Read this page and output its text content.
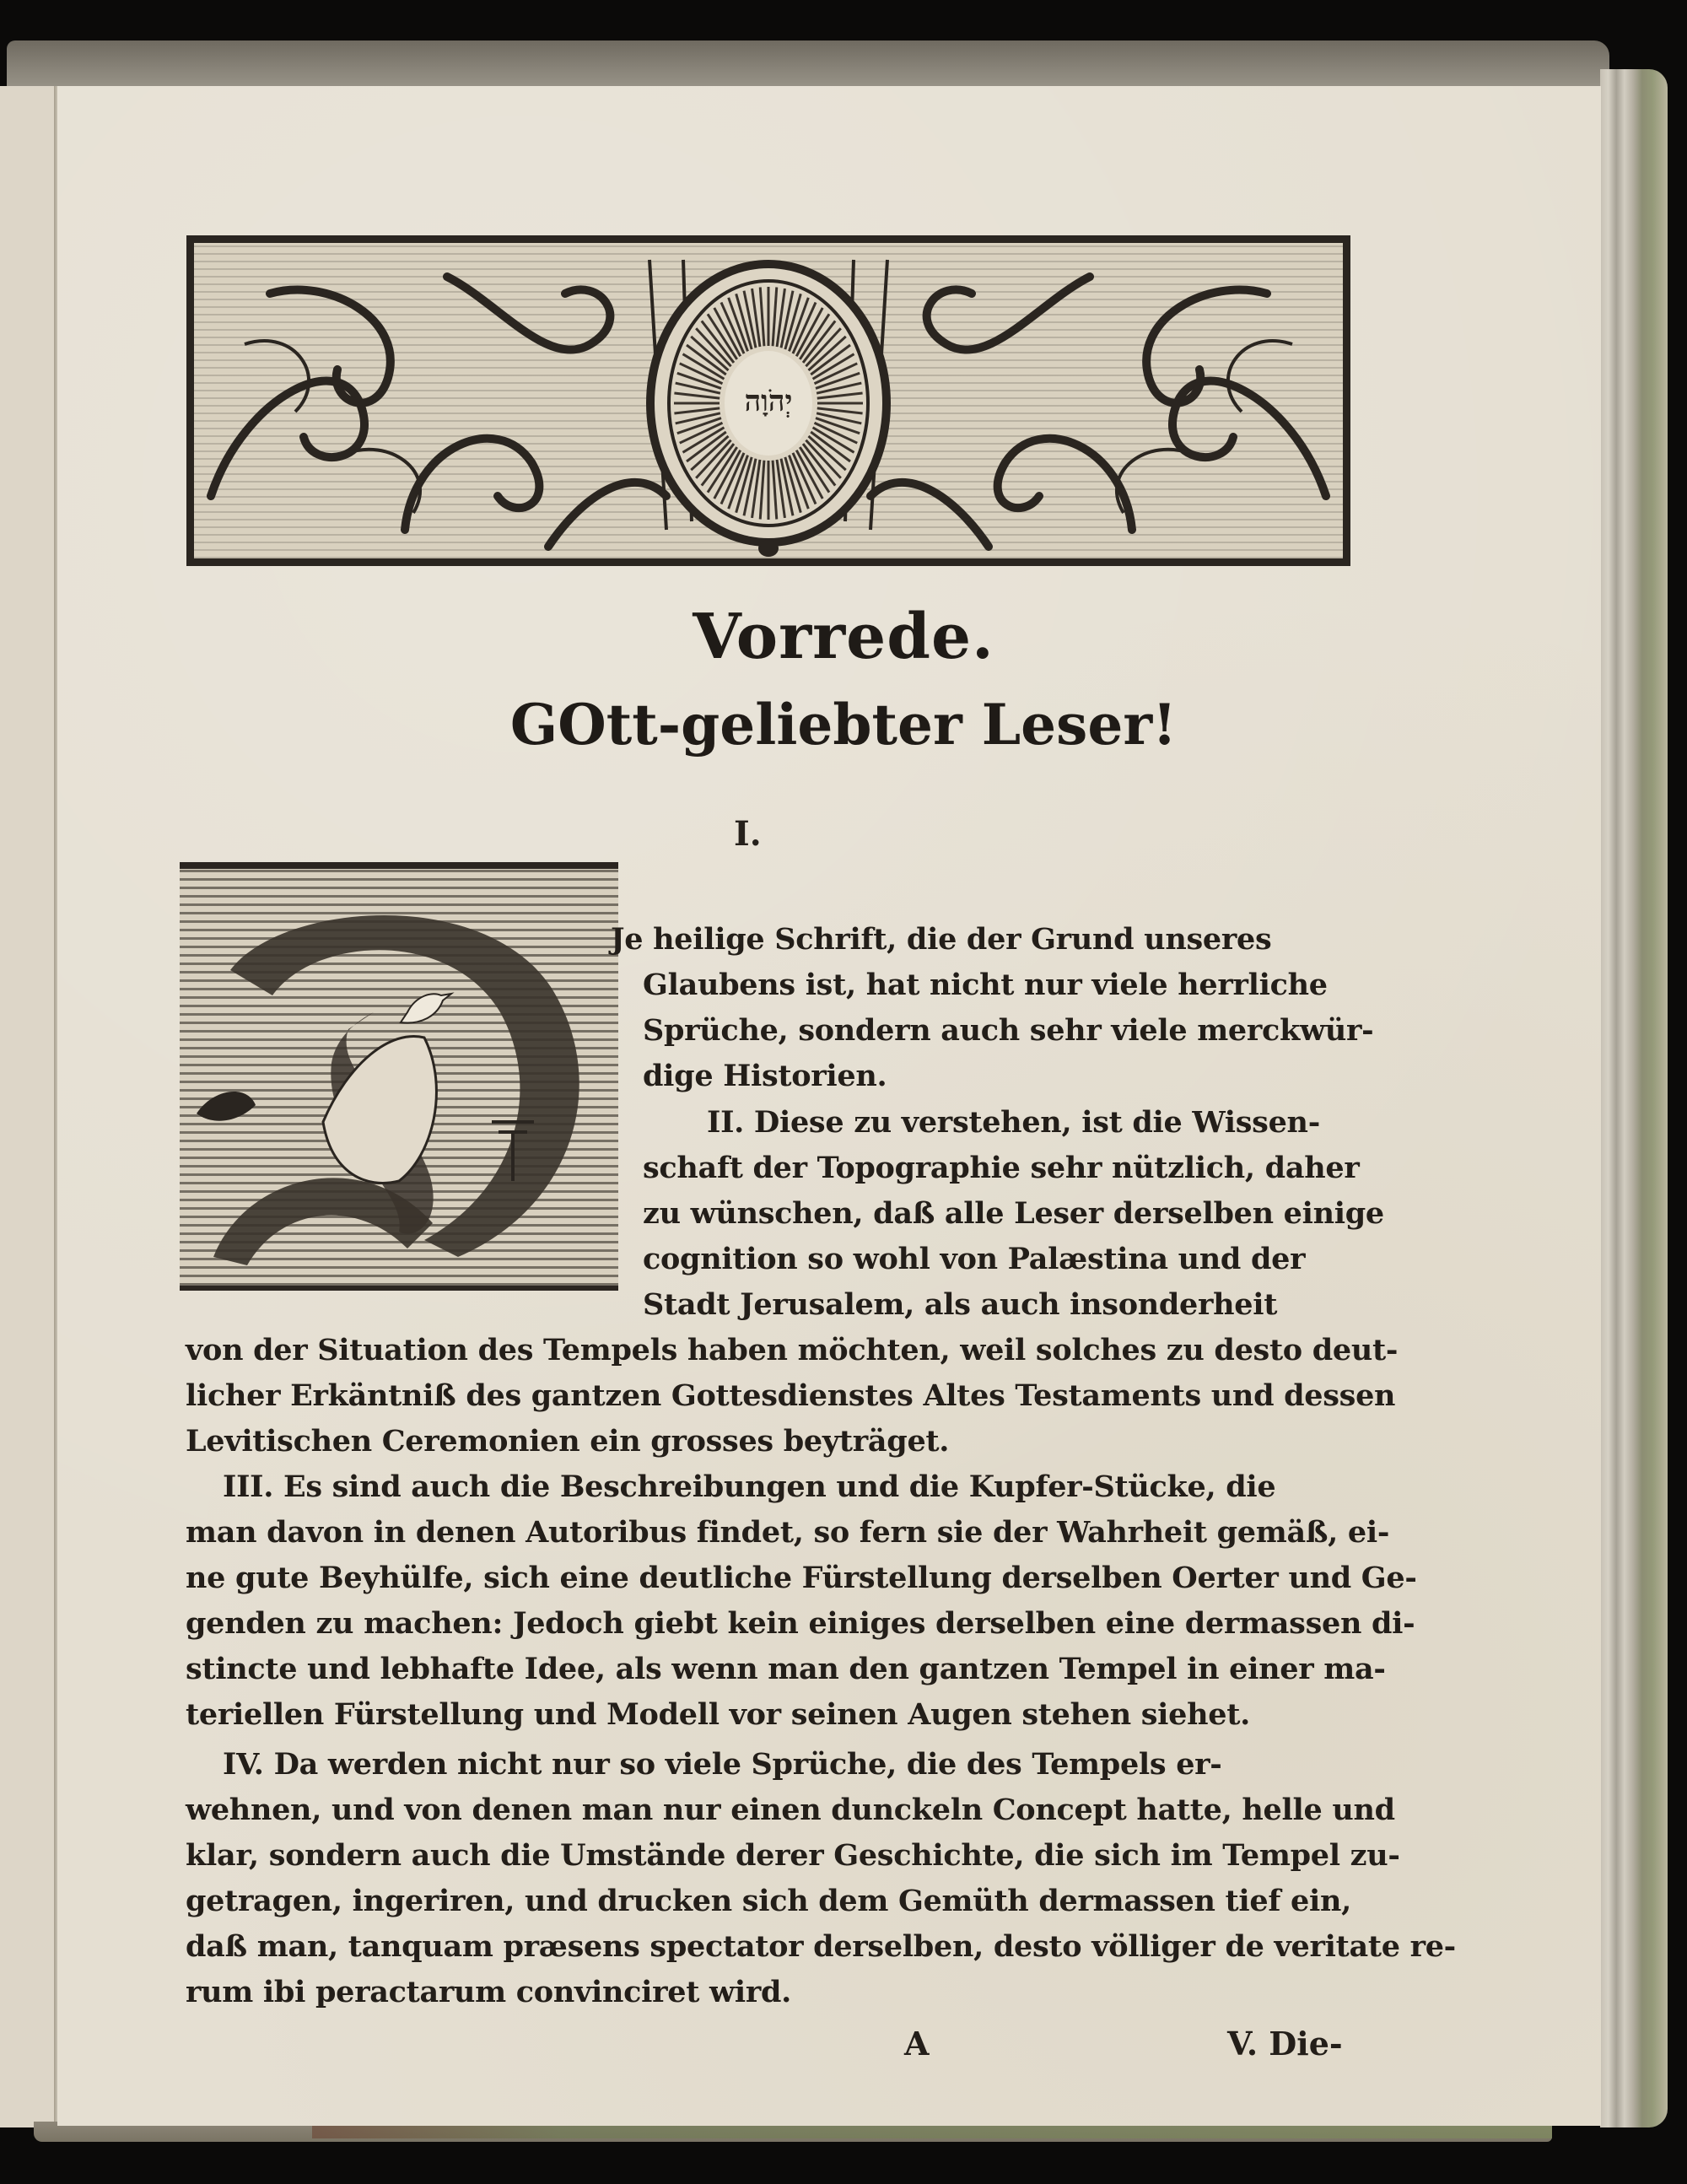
יְהֹוָה
Vorrede.
GOtt-geliebter Leser!
I.
Je heilige Schrift, die der Grund unseres
Glaubens ist, hat nicht nur viele herrliche
Sprüche, sondern auch sehr viele merckwür-
dige Historien.
II. Diese zu verstehen, ist die Wissen-
schaft der Topographie sehr nützlich, daher
zu wünschen, daß alle Leser derselben einige
cognition so wohl von Palæstina und der
Stadt Jerusalem, als auch insonderheit
von der Situation des Tempels haben möchten, weil solches zu desto deut-
licher Erkäntniß des gantzen Gottesdienstes Altes Testaments und dessen
Levitischen Ceremonien ein grosses beyträget.
III. Es sind auch die Beschreibungen und die Kupfer-Stücke, die
man davon in denen Autoribus findet, so fern sie der Wahrheit gemäß, ei-
ne gute Beyhülfe, sich eine deutliche Fürstellung derselben Oerter und Ge-
genden zu machen: Jedoch giebt kein einiges derselben eine dermassen di-
stincte und lebhafte Idee, als wenn man den gantzen Tempel in einer ma-
teriellen Fürstellung und Modell vor seinen Augen stehen siehet.
IV. Da werden nicht nur so viele Sprüche, die des Tempels er-
wehnen, und von denen man nur einen dunckeln Concept hatte, helle und
klar, sondern auch die Umstände derer Geschichte, die sich im Tempel zu-
getragen, ingeriren, und drucken sich dem Gemüth dermassen tief ein,
daß man, tanquam præsens spectator derselben, desto völliger de veritate re-
rum ibi peractarum convinciret wird.
A	V. Die-
